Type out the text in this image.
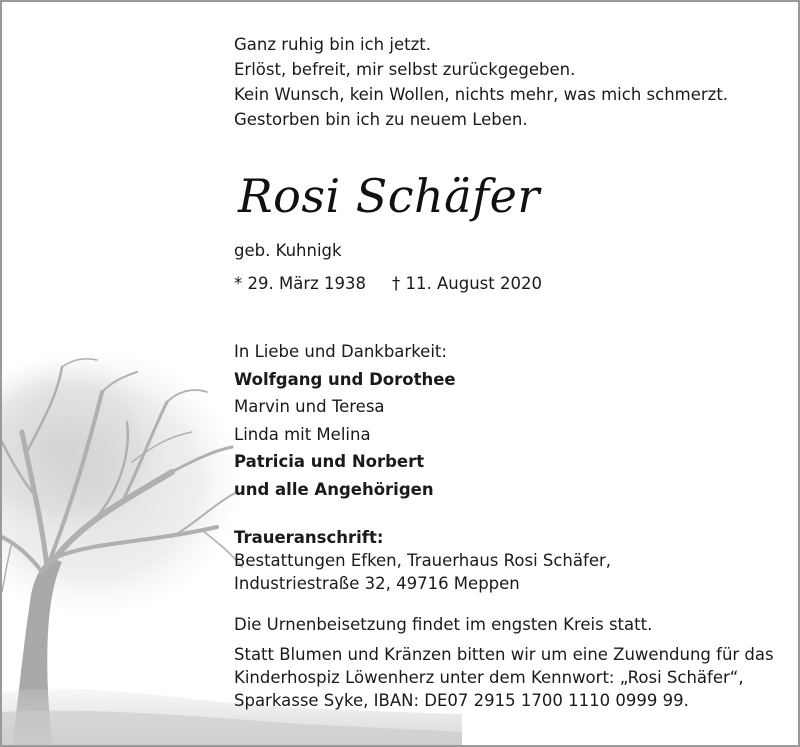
Ganz ruhig bin ich jetzt.

Erlöst, befreit, mir selbst zurückgegeben.

Kein Wunsch, kein Wollen, nichts mehr, was mich schmerzt.

Gestorben bin ich zu neuem Leben.

Rosi Schäfer
geb. Kuhnigk
* 29. März 1938 † 11. August 2020

In Liebe und Dankbarkeit:

Wolfgang und Dorothee

Marvin und Teresa

Linda mit Melina

Patricia und Norbert

und alle Angehörigen

Traueranschrift:

Bestattungen Efken, Trauerhaus Rosi Schäfer,

Industriestraße 32, 49716 Meppen

Die Urnenbeisetzung findet im engsten Kreis statt.

Statt Blumen und Kränzen bitten wir um eine Zuwendung für das

Kinderhospiz Löwenherz unter dem Kennwort: „Rosi Schäfer“,

Sparkasse Syke, IBAN: DE07 2915 1700 1110 0999 99.
